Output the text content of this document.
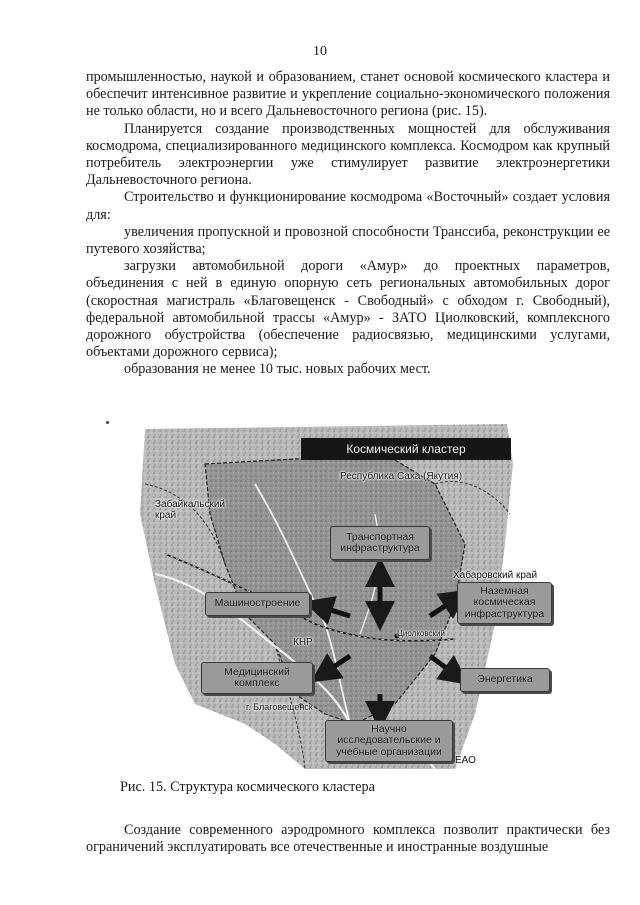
10

промышленностью, наукой и образованием, станет основой космического кластера и обеспечит интенсивное развитие и укрепление социально-экономического положения не только области, но и всего Дальневосточного региона (рис. 15).

Планируется создание производственных мощностей для обслуживания космодрома, специализированного медицинского комплекса. Космодром как крупный потребитель электроэнергии уже стимулирует развитие электроэнергетики Дальневосточного региона.

Строительство и функционирование космодрома «Восточный» создает условия для:

увеличения пропускной и провозной способности Транссиба, реконструкции ее путевого хозяйства;

загрузки автомобильной дороги «Амур» до проектных параметров, объединения с ней в единую опорную сеть региональных автомобильных дорог (скоростная магистраль «Благовещенск - Свободный» с обходом г. Свободный), федеральной автомобильной трассы «Амур» - ЗАТО Циолковский, комплексного дорожного обустройства (обеспечение радиосвязью, медицинскими услугами, объектами дорожного сервиса);

образования не менее 10 тыс. новых рабочих мест.

Космический кластер
Республика Саха (Якутия)
Забайкальский
край
Хабаровский край
КНР
Циолковский
г. Благовещенск
ЕАО
Транспортная
инфраструктура
Машиностроение
Наземная
космическая
инфраструктура
Медицинский
комплекс	Энергетика
Научно
исследовательские и
учебные организации
Рис. 15. Структура космического кластера

Создание современного аэродромного комплекса позволит практически без ограничений эксплуатировать все отечественные и иностранные воздушные
